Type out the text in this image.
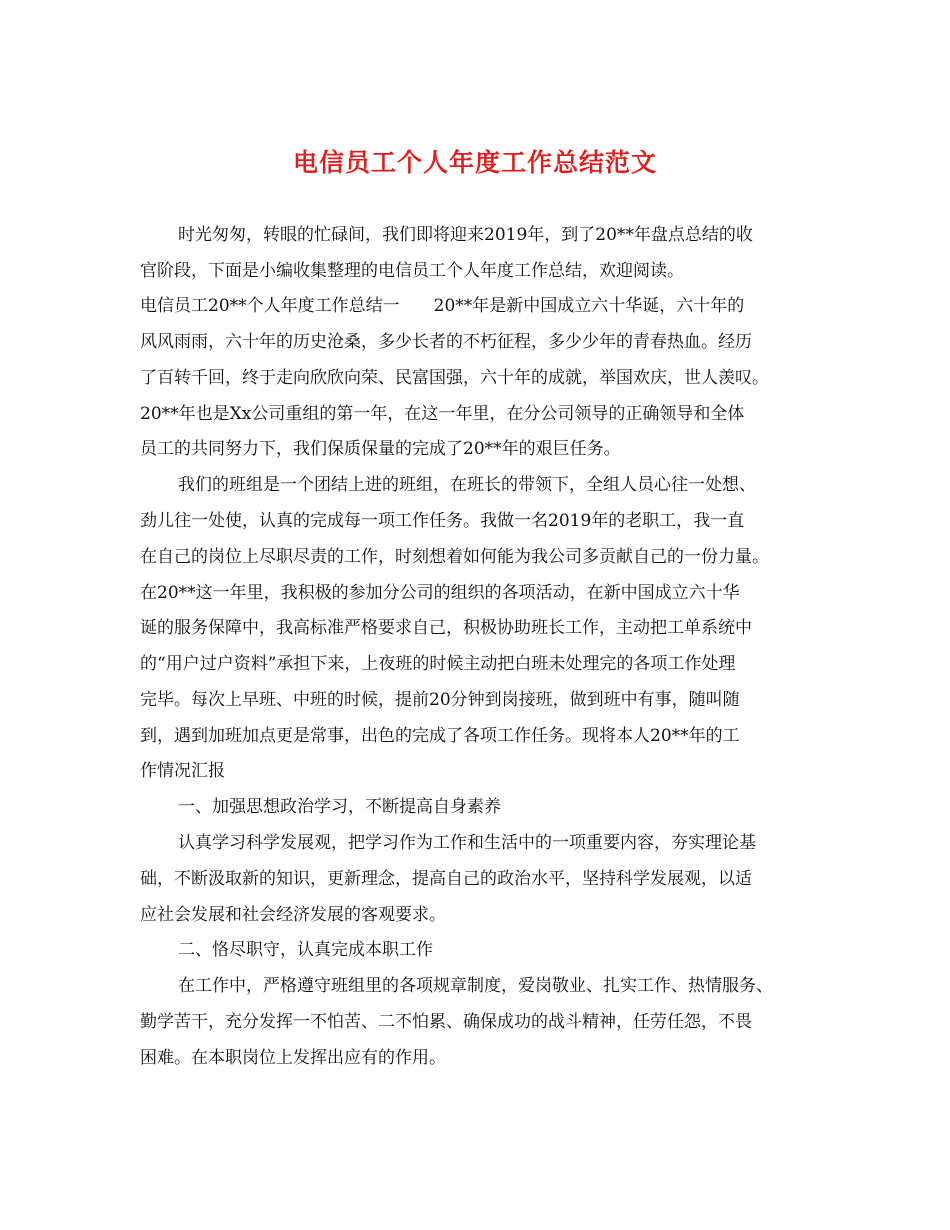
电信员工个人年度工作总结范文
时光匆匆，转眼的忙碌间，我们即将迎来2019年，到了20**年盘点总结的收
官阶段，下面是小编收集整理的电信员工个人年度工作总结，欢迎阅读。
电信员工20**个人年度工作总结一　　20**年是新中国成立六十华诞，六十年的
风风雨雨，六十年的历史沧桑，多少长者的不朽征程，多少少年的青春热血。经历
了百转千回，终于走向欣欣向荣、民富国强，六十年的成就，举国欢庆，世人羡叹。
20**年也是Xx公司重组的第一年，在这一年里，在分公司领导的正确领导和全体
员工的共同努力下，我们保质保量的完成了20**年的艰巨任务。
我们的班组是一个团结上进的班组，在班长的带领下，全组人员心往一处想、
劲儿往一处使，认真的完成每一项工作任务。我做一名2019年的老职工，我一直
在自己的岗位上尽职尽责的工作，时刻想着如何能为我公司多贡献自己的一份力量。
在20**这一年里，我积极的参加分公司的组织的各项活动，在新中国成立六十华
诞的服务保障中，我高标准严格要求自己，积极协助班长工作，主动把工单系统中
的“用户过户资料”承担下来，上夜班的时候主动把白班未处理完的各项工作处理
完毕。每次上早班、中班的时候，提前20分钟到岗接班，做到班中有事，随叫随
到，遇到加班加点更是常事，出色的完成了各项工作任务。现将本人20**年的工
作情况汇报
一、加强思想政治学习，不断提高自身素养
认真学习科学发展观，把学习作为工作和生活中的一项重要内容，夯实理论基
础，不断汲取新的知识，更新理念，提高自己的政治水平，坚持科学发展观，以适
应社会发展和社会经济发展的客观要求。
二、恪尽职守，认真完成本职工作
在工作中，严格遵守班组里的各项规章制度，爱岗敬业、扎实工作、热情服务、
勤学苦干，充分发挥一不怕苦、二不怕累、确保成功的战斗精神，任劳任怨，不畏
困难。在本职岗位上发挥出应有的作用。
